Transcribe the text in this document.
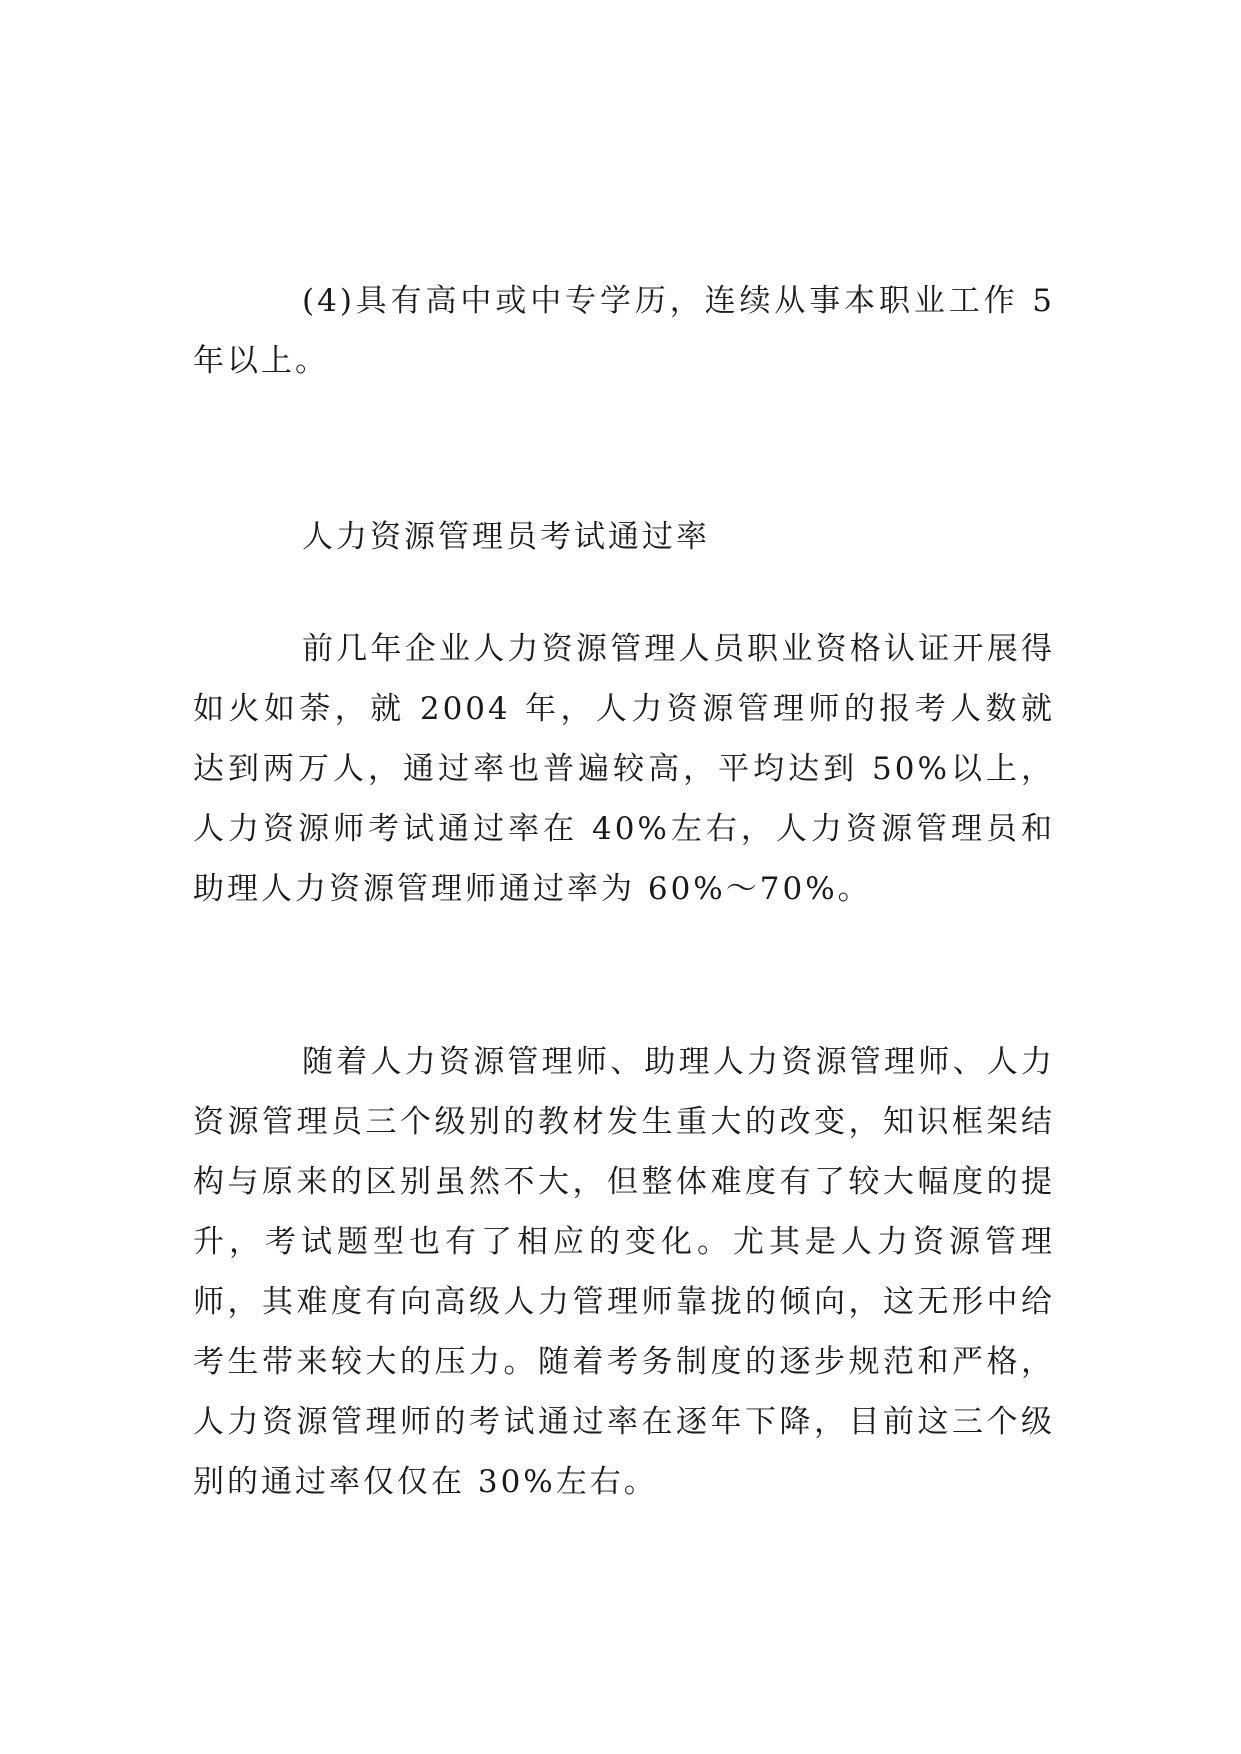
(4)具有高中或中专学历，连续从事本职业工作 5 年以上。

人力资源管理员考试通过率

前几年企业人力资源管理人员职业资格认证开展得如火如荼，就 2004 年，人力资源管理师的报考人数就达到两万人，通过率也普遍较高，平均达到 50%以上，人力资源师考试通过率在 40%左右，人力资源管理员和助理人力资源管理师通过率为 60%～70%。

随着人力资源管理师、助理人力资源管理师、人力资源管理员三个级别的教材发生重大的改变，知识框架结构与原来的区别虽然不大，但整体难度有了较大幅度的提升，考试题型也有了相应的变化。尤其是人力资源管理师，其难度有向高级人力管理师靠拢的倾向，这无形中给考生带来较大的压力。随着考务制度的逐步规范和严格，人力资源管理师的考试通过率在逐年下降，目前这三个级别的通过率仅仅在 30%左右。
